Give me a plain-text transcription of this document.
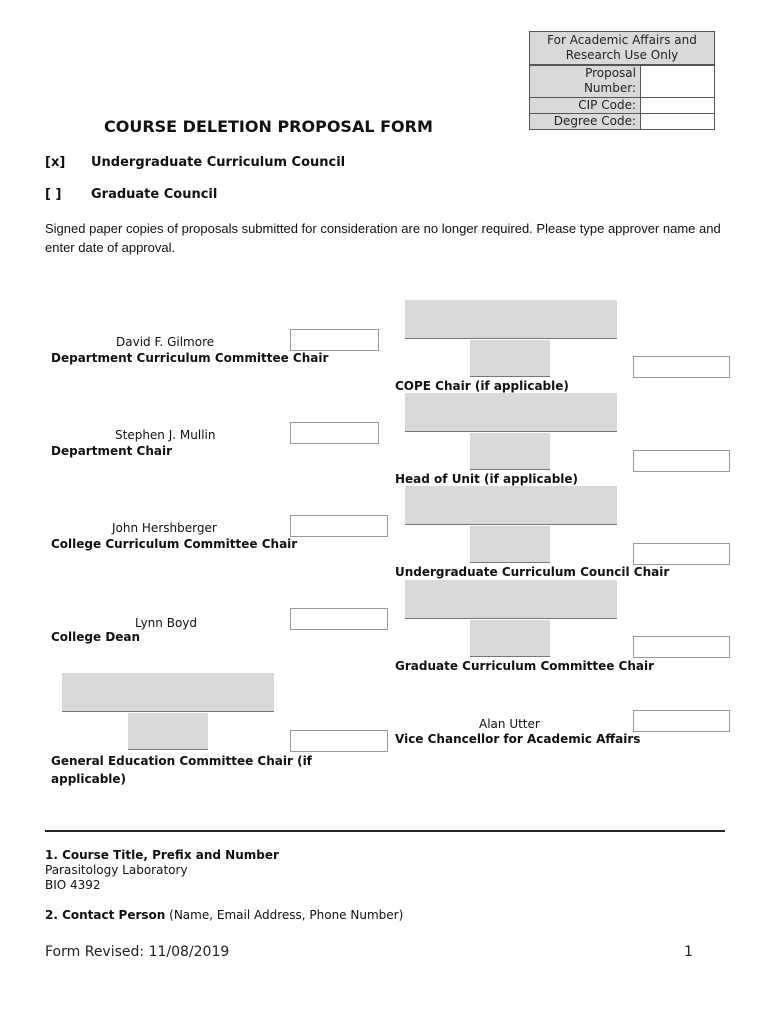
For Academic Affairs and Research Use Only
Proposal Number:
CIP Code:
Degree Code:
COURSE DELETION PROPOSAL FORM
[x] Undergraduate Curriculum Council
[ ] Graduate Council
Signed paper copies of proposals submitted for consideration are no longer required. Please type approver name and enter date of approval.
David F. Gilmore
Department Curriculum Committee Chair
Stephen J. Mullin
Department Chair
John Hershberger
College Curriculum Committee Chair
Lynn Boyd
College Dean
General Education Committee Chair (if applicable)
COPE Chair (if applicable)
Head of Unit (if applicable)
Undergraduate Curriculum Council Chair
Graduate Curriculum Committee Chair
Alan Utter
Vice Chancellor for Academic Affairs
1. Course Title, Prefix and Number
Parasitology Laboratory
BIO 4392
2. Contact Person (Name, Email Address, Phone Number)
Form Revised: 11/08/2019	1
